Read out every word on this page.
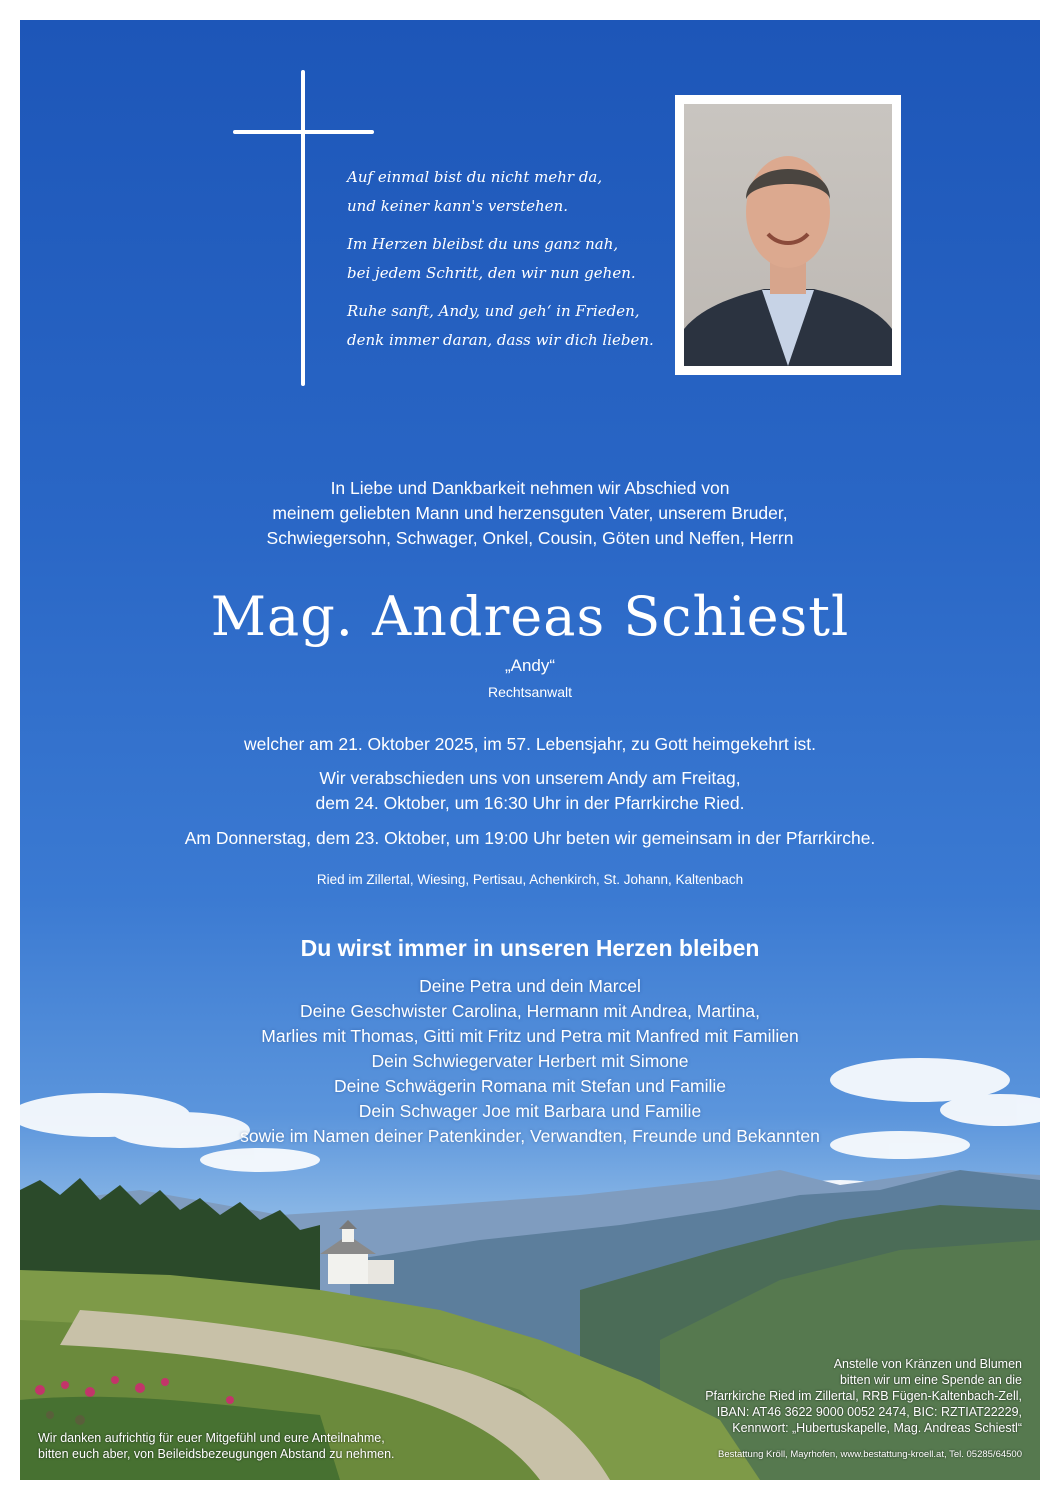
Auf einmal bist du nicht mehr da,
und keiner kann's verstehen.

Im Herzen bleibst du uns ganz nah,
bei jedem Schritt, den wir nun gehen.

Ruhe sanft, Andy, und geh‘ in Frieden,
denk immer daran, dass wir dich lieben.

In Liebe und Dankbarkeit nehmen wir Abschied von
meinem geliebten Mann und herzensguten Vater, unserem Bruder,
Schwiegersohn, Schwager, Onkel, Cousin, Göten und Neffen, Herrn
Mag. Andreas Schiestl
„Andy“
Rechtsanwalt
welcher am 21. Oktober 2025, im 57. Lebensjahr, zu Gott heimgekehrt ist.
Wir verabschieden uns von unserem Andy am Freitag,
dem 24. Oktober, um 16:30 Uhr in der Pfarrkirche Ried.
Am Donnerstag, dem 23. Oktober, um 19:00 Uhr beten wir gemeinsam in der Pfarrkirche.
Ried im Zillertal, Wiesing, Pertisau, Achenkirch, St. Johann, Kaltenbach
Du wirst immer in unseren Herzen bleiben
Deine Petra und dein Marcel
Deine Geschwister Carolina, Hermann mit Andrea, Martina,
Marlies mit Thomas, Gitti mit Fritz und Petra mit Manfred mit Familien
Dein Schwiegervater Herbert mit Simone
Deine Schwägerin Romana mit Stefan und Familie
Dein Schwager Joe mit Barbara und Familie
sowie im Namen deiner Patenkinder, Verwandten, Freunde und Bekannten
Anstelle von Kränzen und Blumen
bitten wir um eine Spende an die
Pfarrkirche Ried im Zillertal, RRB Fügen-Kaltenbach-Zell,
IBAN: AT46 3622 9000 0052 2474, BIC: RZTIAT22229,
Kennwort: „Hubertuskapelle, Mag. Andreas Schiestl“
Wir danken aufrichtig für euer Mitgefühl und eure Anteilnahme,
bitten euch aber, von Beileidsbezeugungen Abstand zu nehmen.	Bestattung Kröll, Mayrhofen, www.bestattung-kroell.at, Tel. 05285/64500
